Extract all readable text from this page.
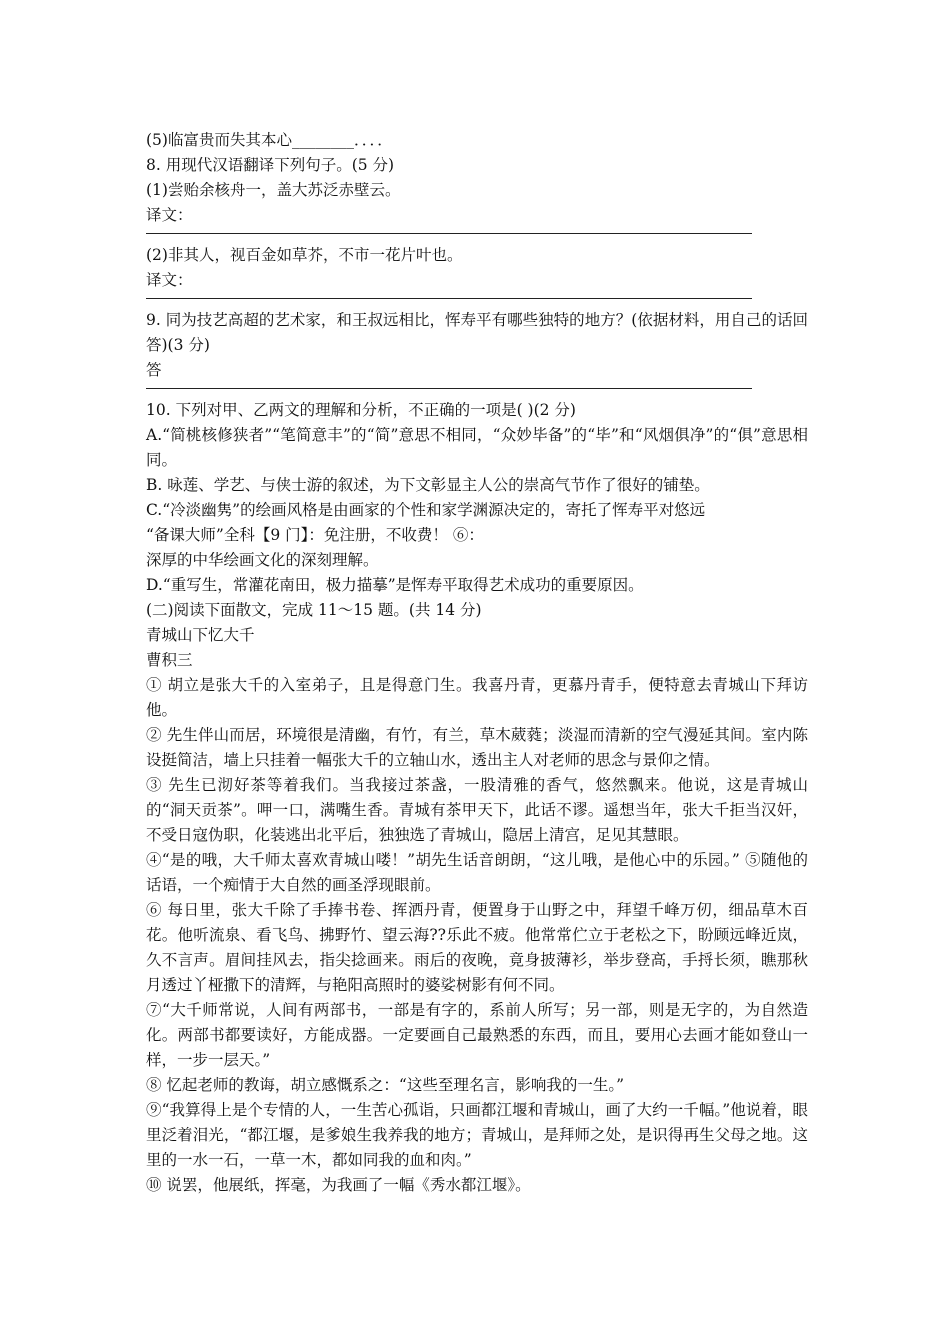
(5)临富贵而失其本心________．．．．
8. 用现代汉语翻译下列句子。(5 分)
(1)尝贻余核舟一，盖大苏泛赤壁云。
译文：
(2)非其人，视百金如草芥，不市一花片叶也。
译文：
9. 同为技艺高超的艺术家，和王叔远相比，恽寿平有哪些独特的地方？(依据材料，用自己的话回答)(3 分)
答
10. 下列对甲、乙两文的理解和分析，不正确的一项是( )(2 分)
A.“简桃核修狭者”“笔简意丰”的“简”意思不相同，“众妙毕备”的“毕”和“风烟俱净”的“俱”意思相同。
B. 咏莲、学艺、与侠士游的叙述，为下文彰显主人公的崇高气节作了很好的铺垫。
C.“冷淡幽隽”的绘画风格是由画家的个性和家学渊源决定的，寄托了恽寿平对悠远
“备课大师”全科【9 门】：免注册，不收费！ ⑥：
深厚的中华绘画文化的深刻理解。
D.“重写生，常灌花南田，极力描摹”是恽寿平取得艺术成功的重要原因。
(二)阅读下面散文，完成 11～15 题。(共 14 分)
青城山下忆大千
曹积三
① 胡立是张大千的入室弟子，且是得意门生。我喜丹青，更慕丹青手，便特意去青城山下拜访他。
② 先生伴山而居，环境很是清幽，有竹，有兰，草木葳蕤；淡湿而清新的空气漫延其间。室内陈设挺简洁，墙上只挂着一幅张大千的立轴山水，透出主人对老师的思念与景仰之情。
③ 先生已沏好茶等着我们。当我接过茶盏，一股清雅的香气，悠然飘来。他说，这是青城山的“洞天贡茶”。呷一口，满嘴生香。青城有茶甲天下，此话不谬。遥想当年，张大千拒当汉奸，不受日寇伪职，化装逃出北平后，独独选了青城山，隐居上清宫，足见其慧眼。
④“是的哦，大千师太喜欢青城山喽！”胡先生话音朗朗，“这儿哦，是他心中的乐园。” ⑤随他的话语，一个痴情于大自然的画圣浮现眼前。
⑥ 每日里，张大千除了手捧书卷、挥洒丹青，便置身于山野之中，拜望千峰万仞，细品草木百花。他听流泉、看飞鸟、拂野竹、望云海??乐此不疲。他常常伫立于老松之下，盼顾远峰近岚，久不言声。眉间挂风去，指尖捻画来。雨后的夜晚，竟身披薄衫，举步登高，手捋长须，瞧那秋月透过丫桠撒下的清辉，与艳阳高照时的婆娑树影有何不同。
⑦“大千师常说，人间有两部书，一部是有字的，系前人所写；另一部，则是无字的，为自然造化。两部书都要读好，方能成器。一定要画自己最熟悉的东西，而且，要用心去画才能如登山一样，一步一层天。”
⑧ 忆起老师的教诲，胡立感慨系之：“这些至理名言，影响我的一生。”
⑨“我算得上是个专情的人，一生苦心孤诣，只画都江堰和青城山，画了大约一千幅。”他说着，眼里泛着泪光，“都江堰，是爹娘生我养我的地方；青城山，是拜师之处，是识得再生父母之地。这里的一水一石，一草一木，都如同我的血和肉。”
⑩ 说罢，他展纸，挥毫，为我画了一幅《秀水都江堰》。
